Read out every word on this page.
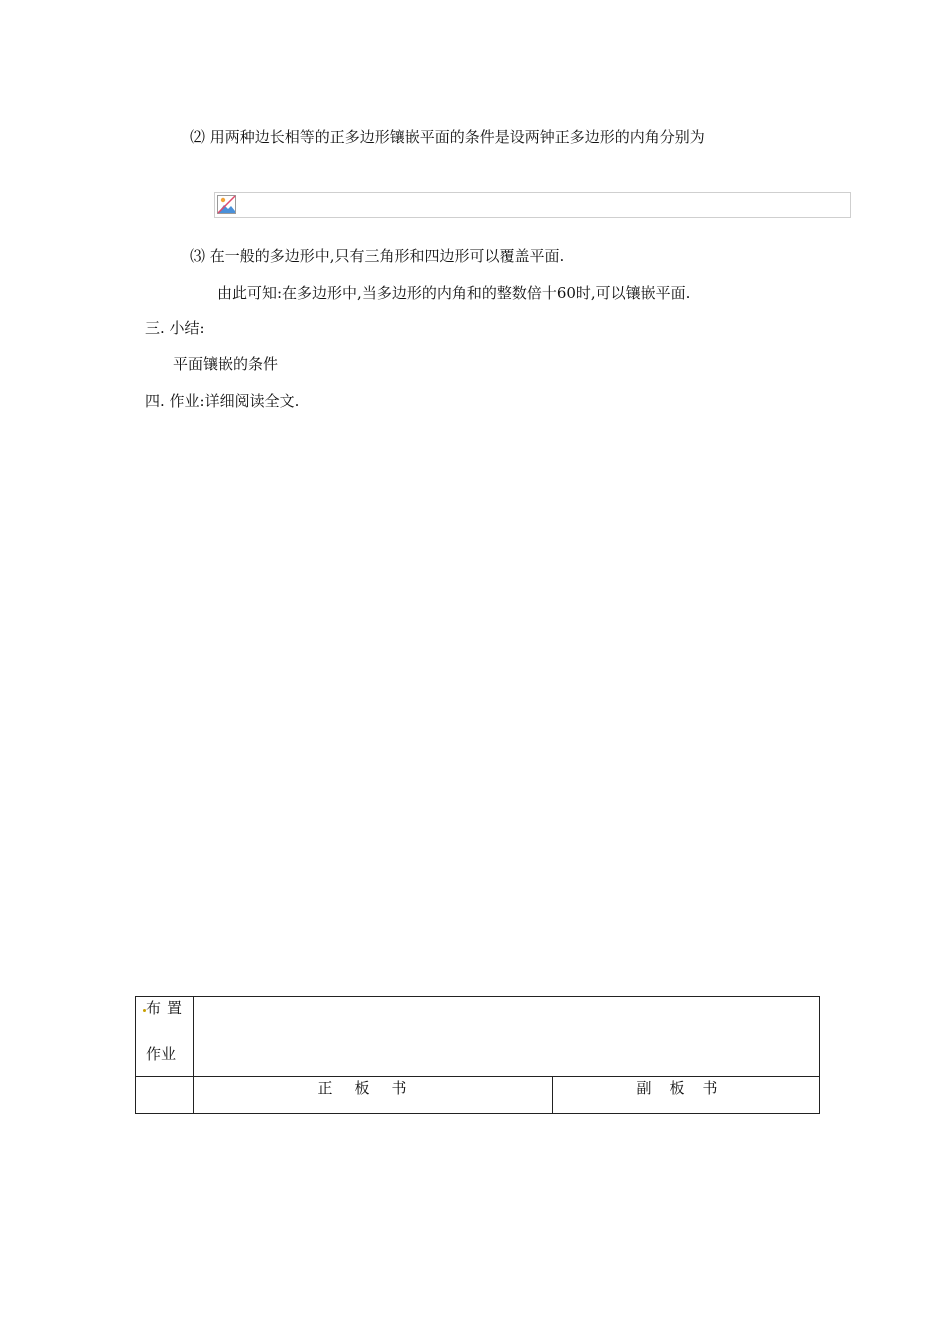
⑵ 用两种边长相等的正多边形镶嵌平面的条件是设两钟正多边形的内角分别为
⑶ 在一般的多边形中,只有三角形和四边形可以覆盖平面.
由此可知:在多边形中,当多边形的内角和的整数倍十60时,可以镶嵌平面.
三. 小结:
平面镶嵌的条件
四. 作业:详细阅读全文.
布置
作业		

	正板书	副板书
